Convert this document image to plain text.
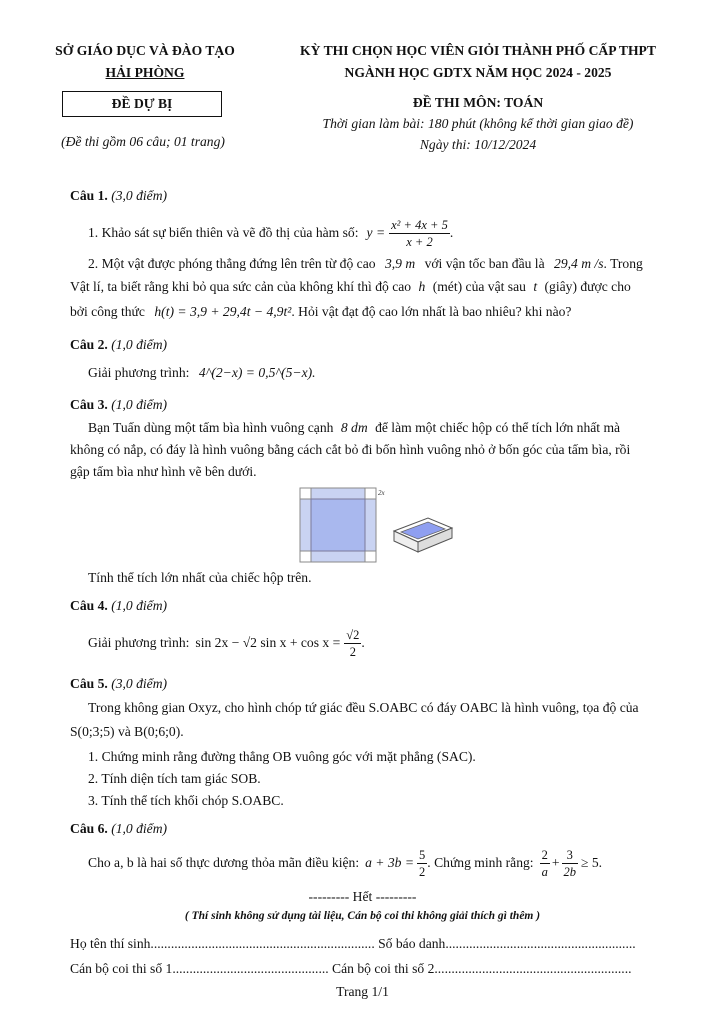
SỞ GIÁO DỤC VÀ ĐÀO TẠO
HẢI PHÒNG
KỲ THI CHỌN HỌC VIÊN GIỎI THÀNH PHỐ CẤP THPT
NGÀNH HỌC GDTX NĂM HỌC 2024 - 2025
ĐỀ DỰ BỊ
(Đề thi gồm 06 câu; 01 trang)
ĐỀ THI MÔN: TOÁN
Thời gian làm bài: 180 phút (không kể thời gian giao đề)
Ngày thi: 10/12/2024
Câu 1. (3,0 điểm)
1. Khảo sát sự biến thiên và vẽ đồ thị của hàm số: $y = \frac{\text{x² + 4x + 5}}{x + 2}$ .
2. Một vật được phóng thẳng đứng lên trên từ độ cao 3,9 m với vận tốc ban đầu là 29,4 m /s. Trong
Vật lí, ta biết rằng khi bỏ qua sức cản của không khí thì độ cao h (mét) của vật sau t (giây) được cho
bởi công thức h(t) = 3,9 + 29,4t − 4,9t². Hỏi vật đạt độ cao lớn nhất là bao nhiêu? khi nào?
Câu 2. (1,0 điểm)
Giải phương trình: 4^(2−x) = 0,5^(5−x).
Câu 3. (1,0 điểm)
Bạn Tuấn dùng một tấm bìa hình vuông cạnh 8 dm để làm một chiếc hộp có thể tích lớn nhất mà
không có nắp, có đáy là hình vuông bằng cách cắt bỏ đi bốn hình vuông nhỏ ở bốn góc của tấm bìa, rồi
gập tấm bìa như hình vẽ bên dưới.
2x
Tính thể tích lớn nhất của chiếc hộp trên.
Câu 4. (1,0 điểm)
Giải phương trình: sin 2x − √2 $\sin x + \cos x = \frac{√2}{2}$ .
Câu 5. (3,0 điểm)
Trong không gian Oxyz, cho hình chóp tứ giác đều S.OABC có đáy OABC là hình vuông, tọa độ của
S(0;3;5) và B(0;6;0).
1. Chứng minh rằng đường thẳng OB vuông góc với mặt phẳng (SAC).
2. Tính diện tích tam giác SOB.
3. Tính thể tích khối chóp S.OABC.
Câu 6. (1,0 điểm)
Cho a, b là hai số thực dương thỏa mãn điều kiện: $a + 3b = \frac{5}{2}$ . Chứng minh rằng: $\frac{2}{a} + \frac{3}{2b} \ge 5$.
--------- Hết ---------
( Thí sinh không sử dụng tài liệu, Cán bộ coi thi không giải thích gì thêm )
Họ tên thí sinh.................................................................. Số báo danh........................................................
Cán bộ coi thi số 1.............................................. Cán bộ coi thi số 2..........................................................
Trang 1/1
